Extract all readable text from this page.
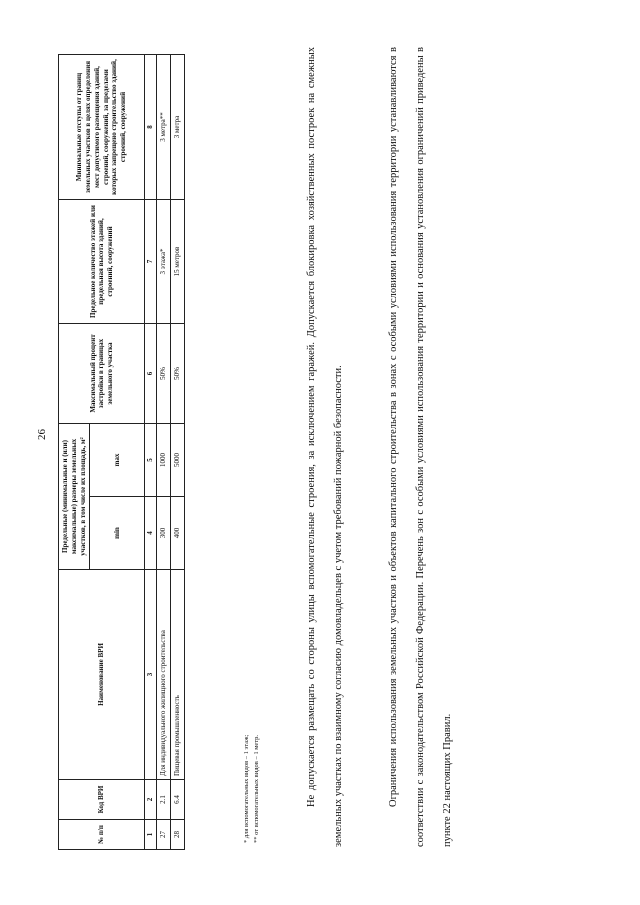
26
№ п/п	Код ВРИ	Наименование ВРИ	Предельные (минимальные и (или) максимальные) размеры земельных участков, в том числе их площадь, м²		Максимальный процент застройки в границах земельного участка	Предельное количество этажей или предельная высота зданий, строений, сооружений	Минимальные отступы от границ земельных участков в целях определения мест допустимого размещения зданий, строений, сооружений, за пределами которых запрещено строительство зданий, строений, сооружений
			min	max			
1	2	3	4	5	6	7	8
27	2.1	Для индивидуального жилищного строительства	300	1000	50%	3 этажа*	3 метра**
28	6.4	Пищевая промышленность	400	5000	50%	15 метров	3 метра
* для вспомогательных видов – 1 этаж; ** от вспомогательных видов – 1 метр.	Не допускается размещать со стороны улицы вспомогательные строения, за исключением гаражей. Допускается блокировка хозяйственных построек на смежных земельных участках по взаимному согласию домовладельцев с учетом требований пожарной безопасности.	Ограничения использования земельных участков и объектов капитального строительства в зонах с особыми условиями использования территории устанавливаются в соответствии с законодательством Российской Федерации. Перечень зон с особыми условиями использования территории и основания установления ограничений приведены в пункте 22 настоящих Правил.
